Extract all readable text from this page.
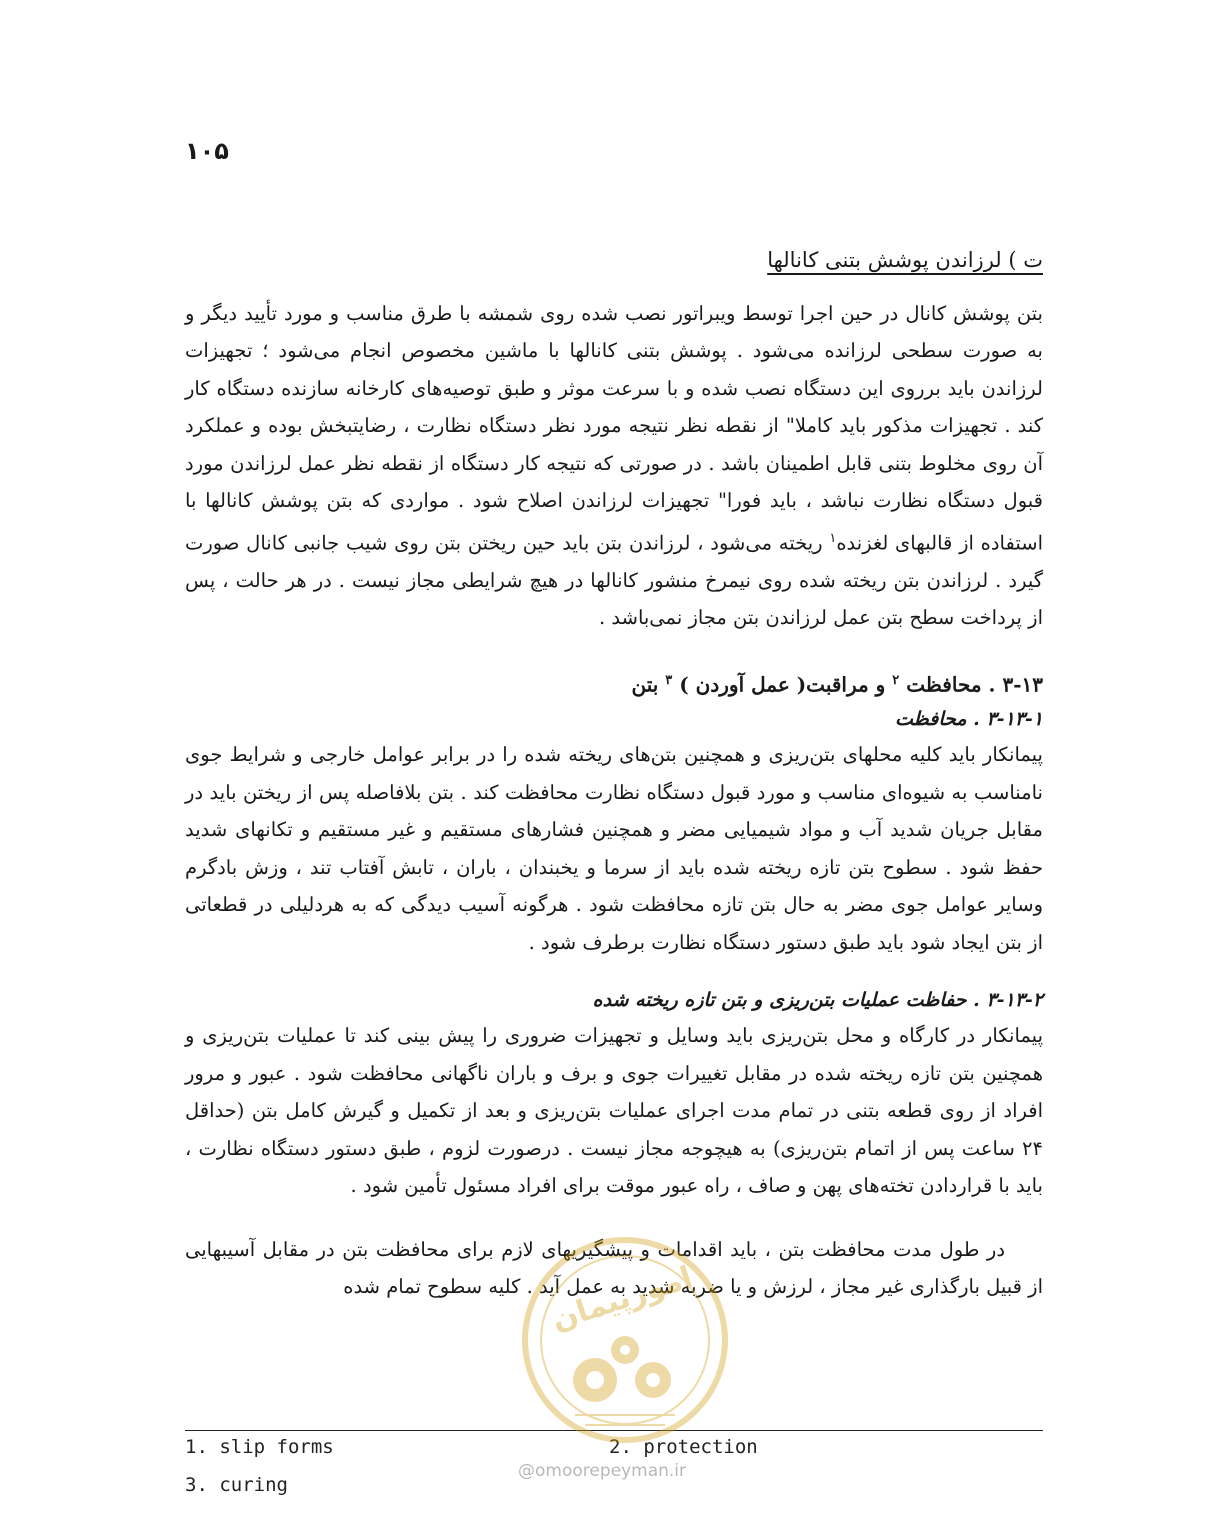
۱۰۵
ت ) لرزاندن پوشش بتنی کانالها

بتن پوشش کانال در حین اجرا توسط ویبراتور نصب شده روی شمشه با طرق مناسب و مورد تأیید دیگر و به صورت سطحی لرزانده می‌شود . پوشش بتنی کانالها با ماشین مخصوص انجام می‌شود ؛ تجهیزات لرزاندن باید برروی این دستگاه نصب شده و با سرعت موثر و طبق توصیه‌های کارخانه سازنده دستگاه کار کند . تجهیزات مذکور باید کاملا" از نقطه نظر نتیجه مورد نظر دستگاه نظارت ، رضایتبخش بوده و عملکرد آن روی مخلوط بتنی قابل اطمینان باشد . در صورتی که نتیجه کار دستگاه از نقطه نظر عمل لرزاندن مورد قبول دستگاه نظارت نباشد ، باید فورا" تجهیزات لرزاندن اصلاح شود . مواردی که بتن پوشش کانالها با استفاده از قالبهای لغزنده$^۱$ ریخته می‌شود ، لرزاندن بتن باید حین ریختن بتن روی شیب جانبی کانال صورت گیرد . لرزاندن بتن ریخته شده روی نیمرخ منشور کانالها در هیچ شرایطی مجاز نیست . در هر حالت ، پس از پرداخت سطح بتن عمل لرزاندن بتن مجاز نمی‌باشد .

۳-۱۳ . محافظت $^۲$ و مراقبت( عمل آوردن ) $^۳$ بتن
۳-۱۳-۱ . محافظت

پیمانکار باید کلیه محلهای بتن‌ریزی و همچنین بتن‌های ریخته شده را در برابر عوامل خارجی و شرایط جوی نامناسب به شیوه‌ای مناسب و مورد قبول دستگاه نظارت محافظت کند . بتن بلافاصله پس از ریختن باید در مقابل جریان شدید آب و مواد شیمیایی مضر و همچنین فشارهای مستقیم و غیر مستقیم و تکانهای شدید حفظ شود . سطوح بتن تازه ریخته شده باید از سرما و یخبندان ، باران ، تابش آفتاب تند ، وزش بادگرم وسایر عوامل جوی مضر به حال بتن تازه محافظت شود . هرگونه آسیب دیدگی که به هردلیلی در قطعاتی از بتن ایجاد شود باید طبق دستور دستگاه نظارت برطرف شود .

۳-۱۳-۲ . حفاظت عملیات بتن‌ریزی و بتن تازه ریخته شده

پیمانکار در کارگاه و محل بتن‌ریزی باید وسایل و تجهیزات ضروری را پیش بینی کند تا عملیات بتن‌ریزی و همچنین بتن تازه ریخته شده در مقابل تغییرات جوی و برف و باران ناگهانی محافظت شود . عبور و مرور افراد از روی قطعه بتنی در تمام مدت اجرای عملیات بتن‌ریزی و بعد از تکمیل و گیرش کامل بتن (حداقل ۲۴ ساعت پس از اتمام بتن‌ریزی) به هیچوجه مجاز نیست . درصورت لزوم ، طبق دستور دستگاه نظارت ، باید با قراردادن تخته‌های پهن و صاف ، راه عبور موقت برای افراد مسئول تأمین شود .

در طول مدت محافظت بتن ، باید اقدامات و پیشگیریهای لازم برای محافظت بتن در مقابل آسیبهایی از قبیل بارگذاری غیر مجاز ، لرزش و یا ضربه شدید به عمل آید . کلیه سطوح تمام شده

1. slip forms	2. protection
3. curing
امورپیمان
@omoorepeyman.ir
